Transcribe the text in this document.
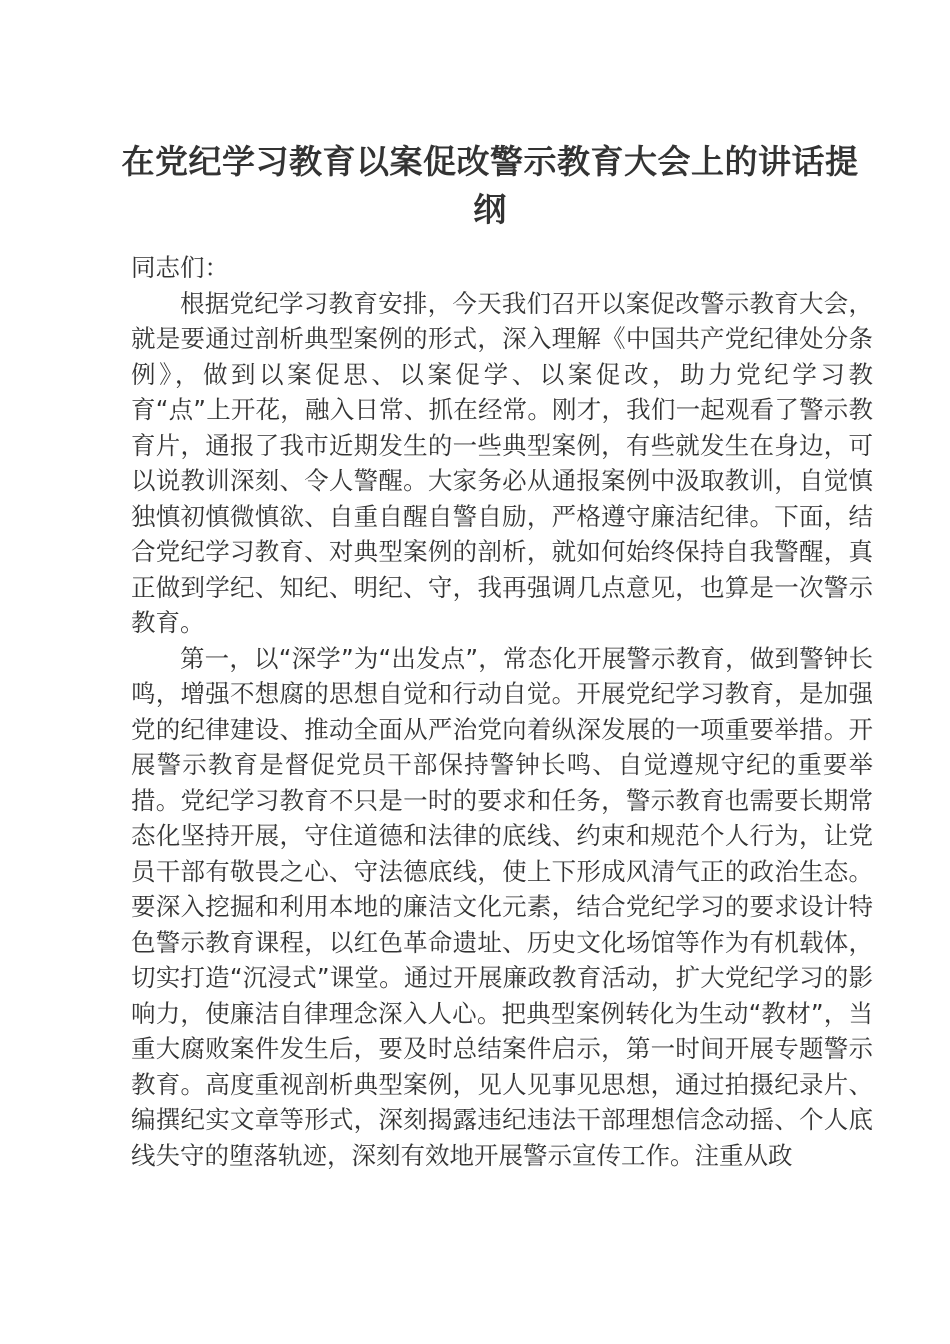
在党纪学习教育以案促改警示教育大会上的讲话提纲

同志们：

根据党纪学习教育安排，今天我们召开以案促改警示教育大会，就是要通过剖析典型案例的形式，深入理解《中国共产党纪律处分条例》，做到以案促思、以案促学、以案促改，助力党纪学习教育“点”上开花，融入日常、抓在经常。刚才，我们一起观看了警示教育片，通报了我市近期发生的一些典型案例，有些就发生在身边，可以说教训深刻、令人警醒。大家务必从通报案例中汲取教训，自觉慎独慎初慎微慎欲、自重自醒自警自励，严格遵守廉洁纪律。下面，结合党纪学习教育、对典型案例的剖析，就如何始终保持自我警醒，真正做到学纪、知纪、明纪、守，我再强调几点意见，也算是一次警示教育。

第一，以“深学”为“出发点”，常态化开展警示教育，做到警钟长鸣，增强不想腐的思想自觉和行动自觉。开展党纪学习教育，是加强党的纪律建设、推动全面从严治党向着纵深发展的一项重要举措。开展警示教育是督促党员干部保持警钟长鸣、自觉遵规守纪的重要举措。党纪学习教育不只是一时的要求和任务，警示教育也需要长期常态化坚持开展，守住道德和法律的底线、约束和规范个人行为，让党员干部有敬畏之心、守法德底线，使上下形成风清气正的政治生态。要深入挖掘和利用本地的廉洁文化元素，结合党纪学习的要求设计特色警示教育课程，以红色革命遗址、历史文化场馆等作为有机载体，切实打造“沉浸式”课堂。通过开展廉政教育活动，扩大党纪学习的影响力，使廉洁自律理念深入人心。把典型案例转化为生动“教材”，当重大腐败案件发生后，要及时总结案件启示，第一时间开展专题警示教育。高度重视剖析典型案例，见人见事见思想，通过拍摄纪录片、编撰纪实文章等形式，深刻揭露违纪违法干部理想信念动摇、个人底线失守的堕落轨迹，深刻有效地开展警示宣传工作。注重从政
